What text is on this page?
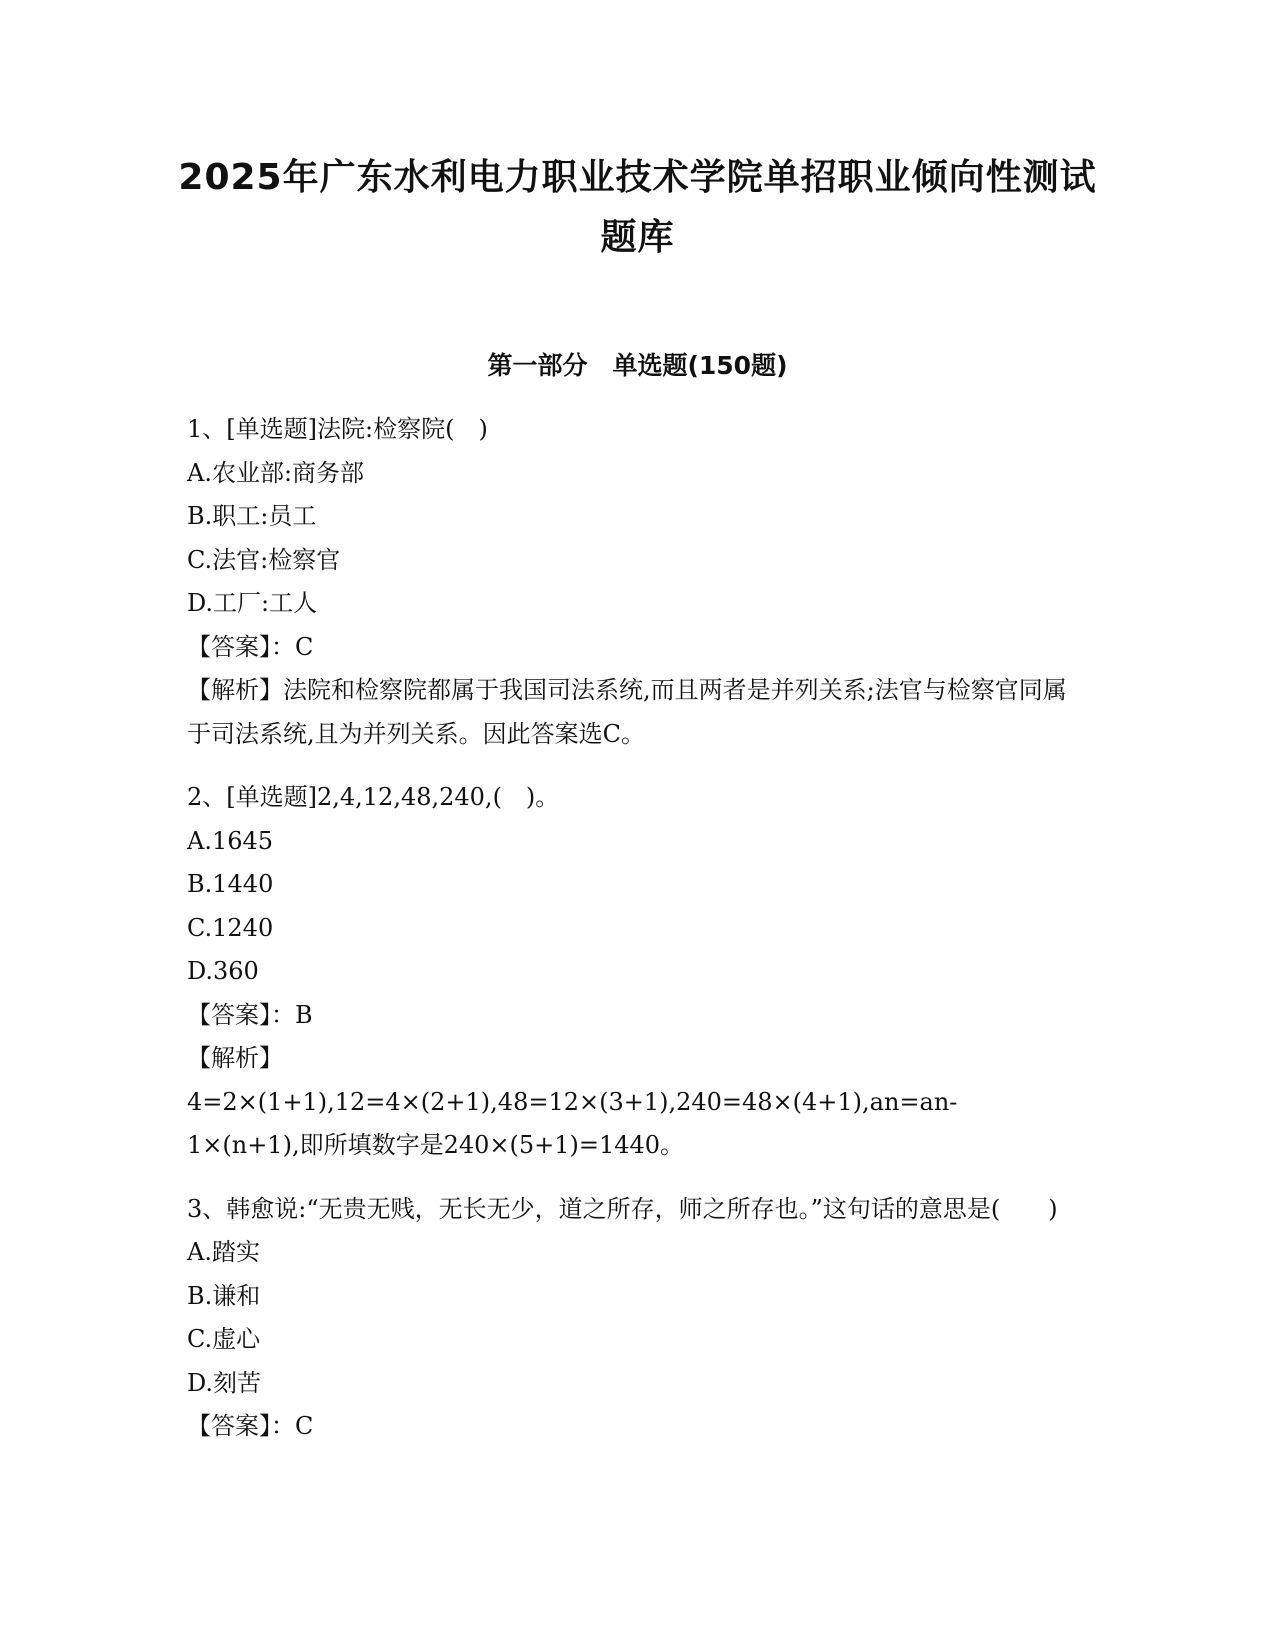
2025年广东水利电力职业技术学院单招职业倾向性测试题库
第一部分　单选题(150题)
1、[单选题]法院:检察院(　)
A.农业部:商务部
B.职工:员工
C.法官:检察官
D.工厂:工人
【答案】：C
【解析】法院和检察院都属于我国司法系统,而且两者是并列关系;法官与检察官同属于司法系统,且为并列关系。因此答案选C。
2、[单选题]2,4,12,48,240,(　)。
A.1645
B.1440
C.1240
D.360
【答案】：B
【解析】
4=2×(1+1),12=4×(2+1),48=12×(3+1),240=48×(4+1),an=an-1×(n+1),即所填数字是240×(5+1)=1440。
3、韩愈说:“无贵无贱，无长无少，道之所存，师之所存也。”这句话的意思是(　　)
A.踏实
B.谦和
C.虚心
D.刻苦
【答案】：C
